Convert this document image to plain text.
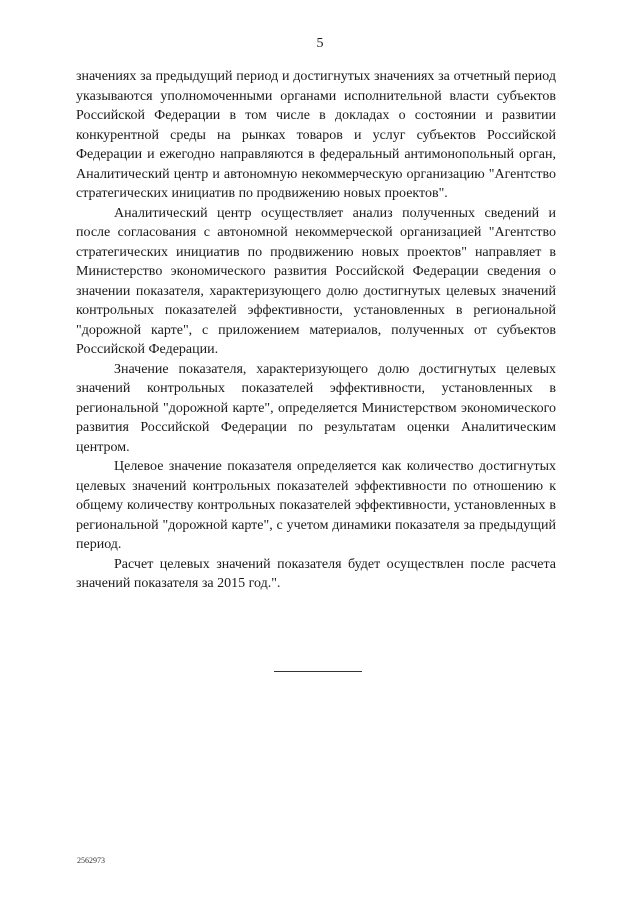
5

значениях за предыдущий период и достигнутых значениях за отчетный период указываются уполномоченными органами исполнительной власти субъектов Российской Федерации в том числе в докладах о состоянии и развитии конкурентной среды на рынках товаров и услуг субъектов Российской Федерации и ежегодно направляются в федеральный антимонопольный орган, Аналитический центр и автономную некоммерческую организацию "Агентство стратегических инициатив по продвижению новых проектов".

Аналитический центр осуществляет анализ полученных сведений и после согласования с автономной некоммерческой организацией "Агентство стратегических инициатив по продвижению новых проектов" направляет в Министерство экономического развития Российской Федерации сведения о значении показателя, характеризующего долю достигнутых целевых значений контрольных показателей эффективности, установленных в региональной "дорожной карте", с приложением материалов, полученных от субъектов Российской Федерации.

Значение показателя, характеризующего долю достигнутых целевых значений контрольных показателей эффективности, установленных в региональной "дорожной карте", определяется Министерством экономического развития Российской Федерации по результатам оценки Аналитическим центром.

Целевое значение показателя определяется как количество достигнутых целевых значений контрольных показателей эффективности по отношению к общему количеству контрольных показателей эффективности, установленных в региональной "дорожной карте", с учетом динамики показателя за предыдущий период.

Расчет целевых значений показателя будет осуществлен после расчета значений показателя за 2015 год.".

2562973
